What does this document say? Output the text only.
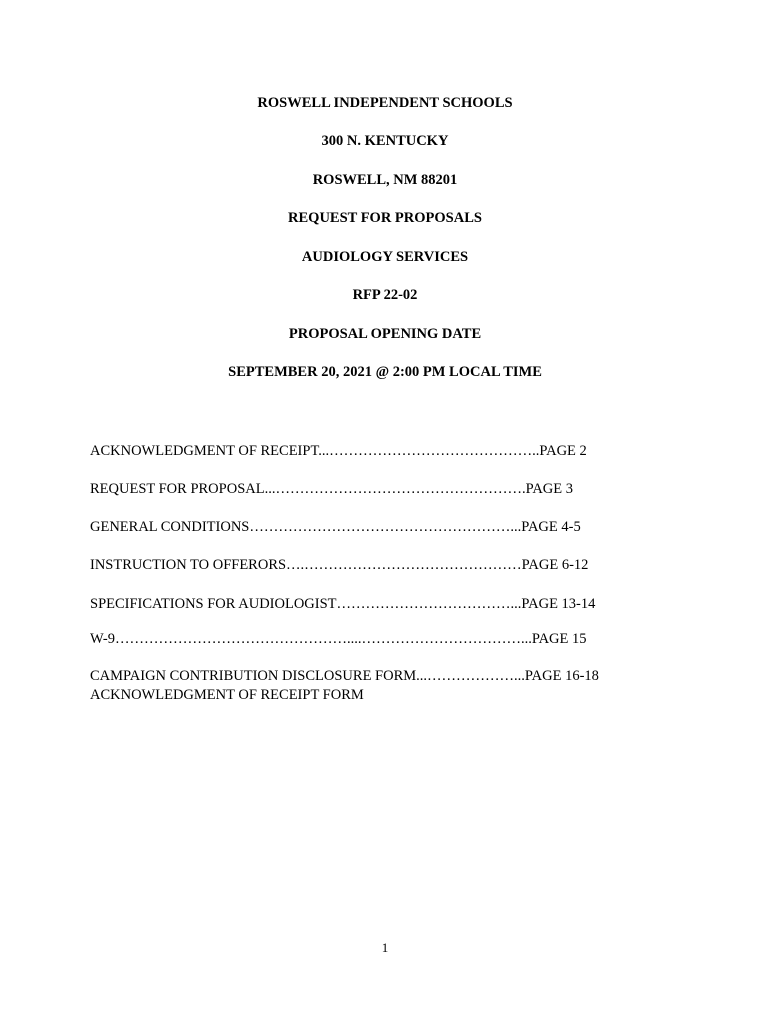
ROSWELL INDEPENDENT SCHOOLS
300 N. KENTUCKY
ROSWELL, NM 88201
REQUEST FOR PROPOSALS
AUDIOLOGY SERVICES
RFP 22-02
PROPOSAL OPENING DATE
SEPTEMBER 20, 2021 @ 2:00 PM LOCAL TIME
ACKNOWLEDGMENT OF RECEIPT...……………………………………..PAGE 2
REQUEST FOR PROPOSAL...…………………………………………….PAGE 3
GENERAL CONDITIONS………………………………………………...PAGE 4-5
INSTRUCTION TO OFFERORS….………………………………………PAGE 6-12
SPECIFICATIONS FOR AUDIOLOGIST………………………………...PAGE 13-14
W-9…………………………………………....……………………………...PAGE 15
CAMPAIGN CONTRIBUTION DISCLOSURE FORM...………………...PAGE 16-18
ACKNOWLEDGMENT OF RECEIPT FORM
1
